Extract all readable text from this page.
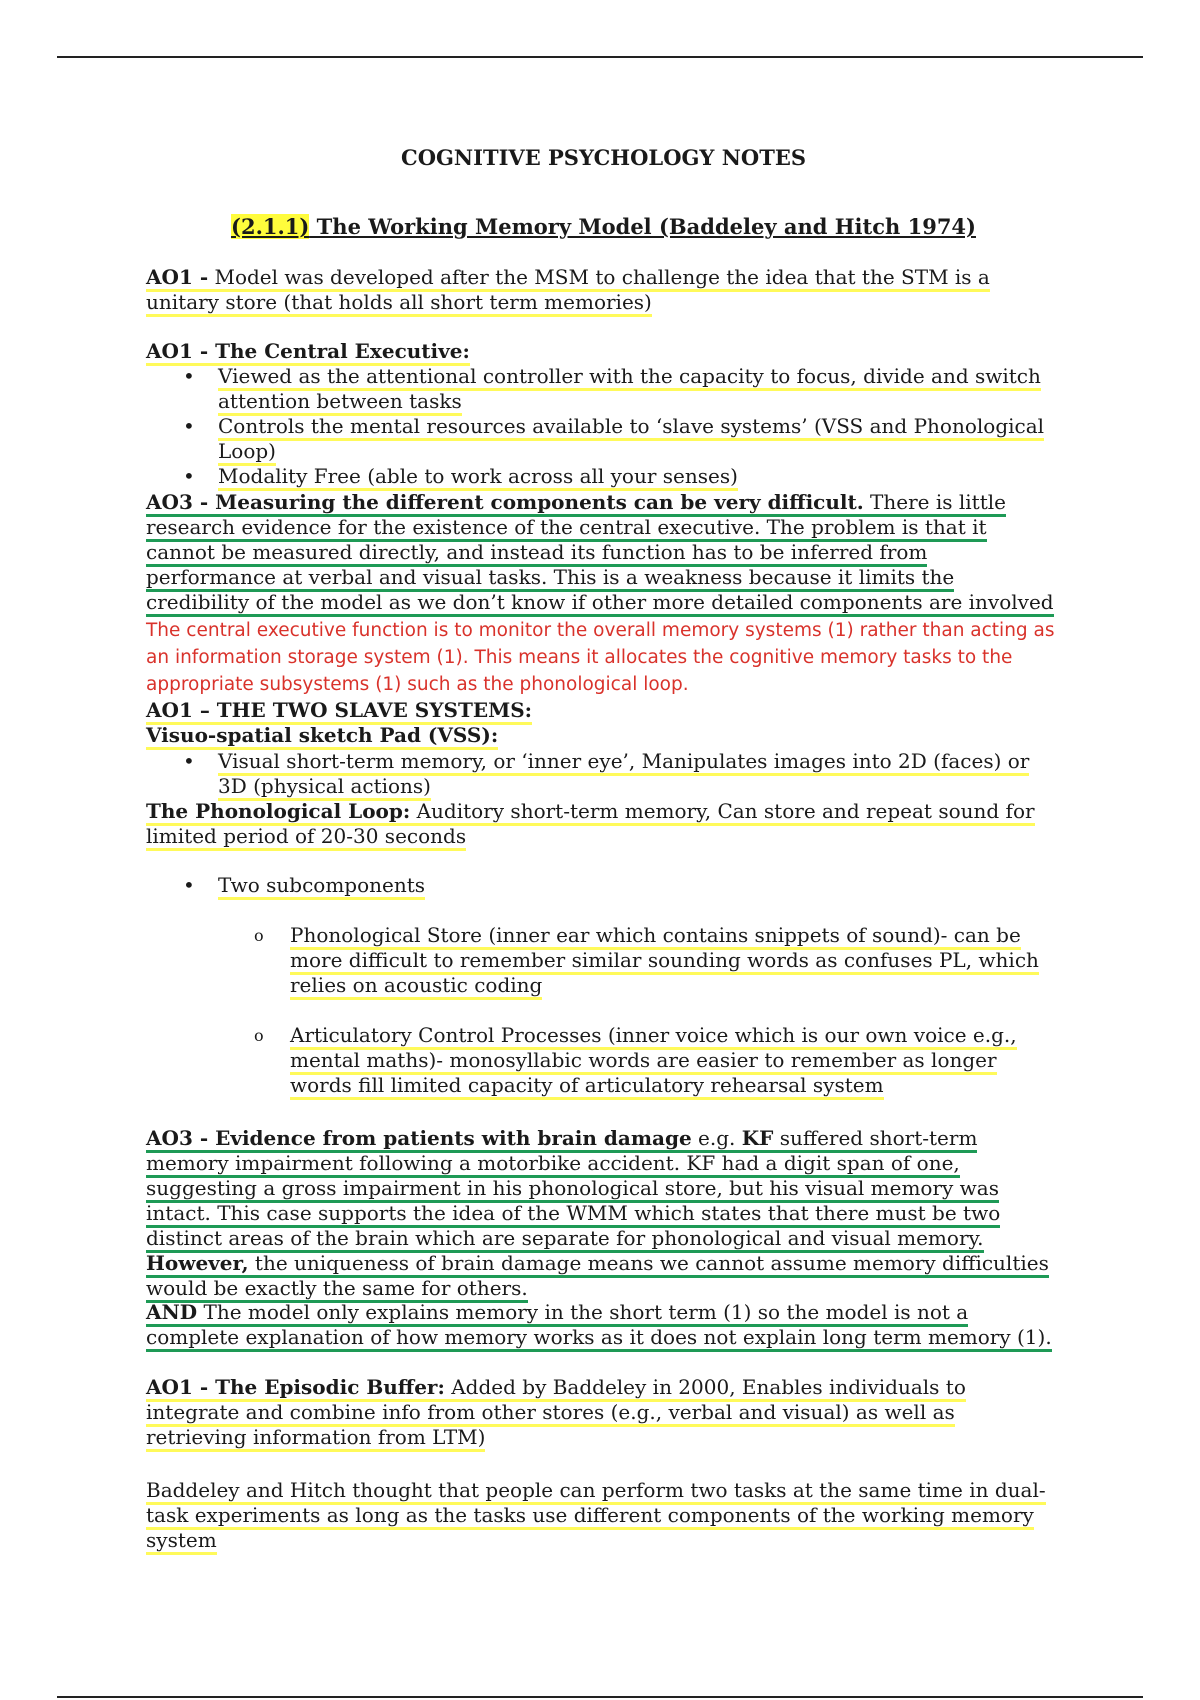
COGNITIVE PSYCHOLOGY NOTES
(2.1.1) The Working Memory Model (Baddeley and Hitch 1974)
AO1 - Model was developed after the MSM to challenge the idea that the STM is a unitary store (that holds all short term memories)
AO1 - The Central Executive:
• Viewed as the attentional controller with the capacity to focus, divide and switch attention between tasks
• Controls the mental resources available to ‘slave systems’ (VSS and Phonological Loop)
• Modality Free (able to work across all your senses)
AO3 - Measuring the different components can be very difficult. There is little research evidence for the existence of the central executive. The problem is that it cannot be measured directly, and instead its function has to be inferred from performance at verbal and visual tasks. This is a weakness because it limits the credibility of the model as we don’t know if other more detailed components are involved
The central executive function is to monitor the overall memory systems (1) rather than acting as an information storage system (1). This means it allocates the cognitive memory tasks to the appropriate subsystems (1) such as the phonological loop.
AO1 – THE TWO SLAVE SYSTEMS:
Visuo-spatial sketch Pad (VSS):
• Visual short-term memory, or ‘inner eye’, Manipulates images into 2D (faces) or 3D (physical actions)
The Phonological Loop: Auditory short-term memory, Can store and repeat sound for limited period of 20-30 seconds
• Two subcomponents
o Phonological Store (inner ear which contains snippets of sound)- can be more difficult to remember similar sounding words as confuses PL, which relies on acoustic coding
o Articulatory Control Processes (inner voice which is our own voice e.g., mental maths)- monosyllabic words are easier to remember as longer words fill limited capacity of articulatory rehearsal system
AO3 - Evidence from patients with brain damage e.g. KF suffered short-term memory impairment following a motorbike accident. KF had a digit span of one, suggesting a gross impairment in his phonological store, but his visual memory was intact. This case supports the idea of the WMM which states that there must be two distinct areas of the brain which are separate for phonological and visual memory. However, the uniqueness of brain damage means we cannot assume memory difficulties would be exactly the same for others.
AND The model only explains memory in the short term (1) so the model is not a complete explanation of how memory works as it does not explain long term memory (1).
AO1 - The Episodic Buffer: Added by Baddeley in 2000, Enables individuals to integrate and combine info from other stores (e.g., verbal and visual) as well as retrieving information from LTM)
Baddeley and Hitch thought that people can perform two tasks at the same time in dual-task experiments as long as the tasks use different components of the working memory system
